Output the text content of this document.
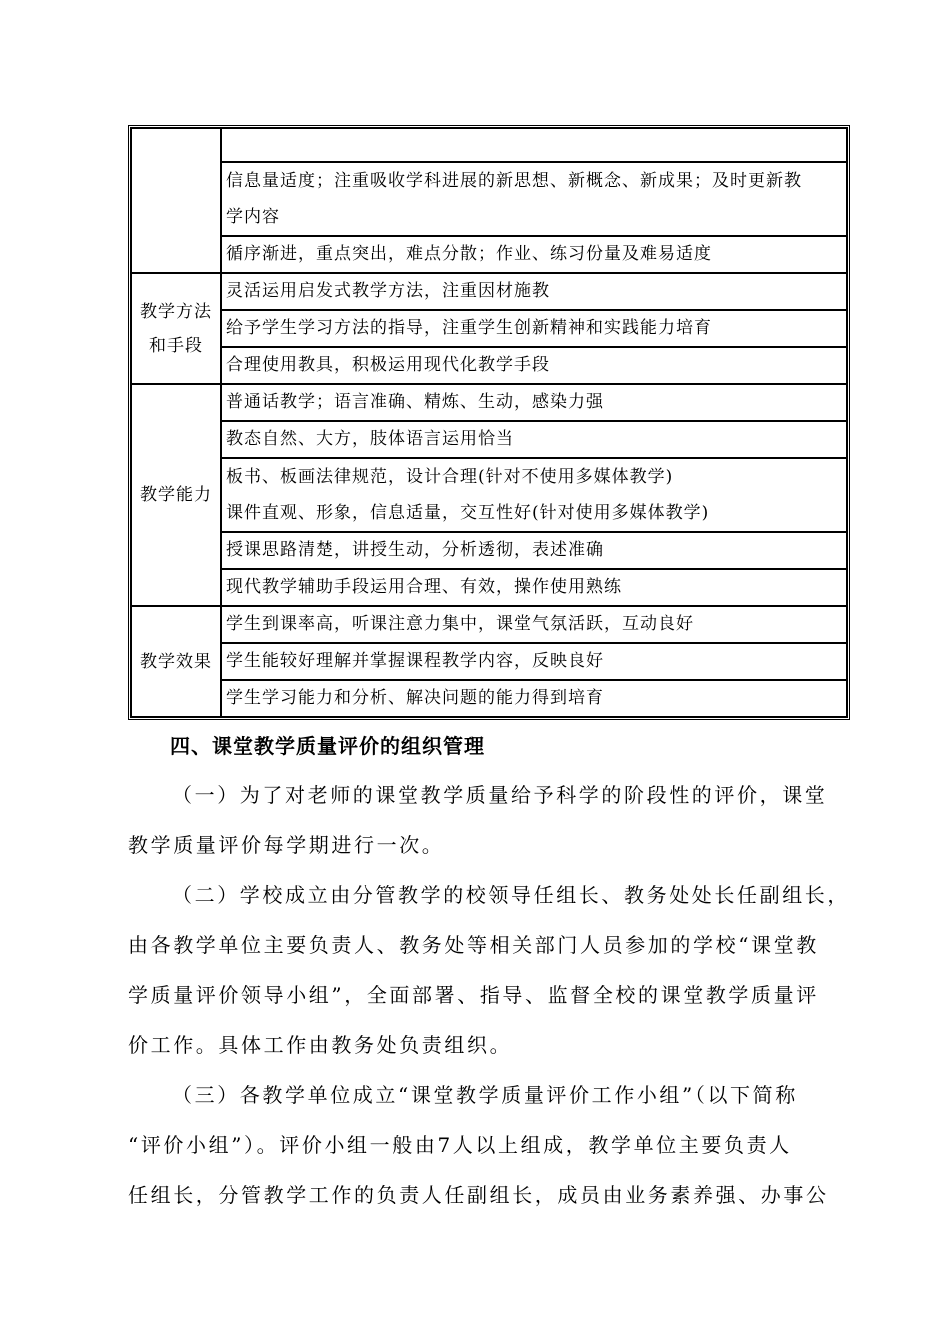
	信息量适度；注重吸收学科进展的新思想、新概念、新成果；及时更新教
学内容

	循序渐进，重点突出，难点分散；作业、练习份量及难易适度

教学方法
和手段	灵活运用启发式教学方法，注重因材施教
	给予学生学习方法的指导，注重学生创新精神和实践能力培育
	合理使用教具，积极运用现代化教学手段
教学能力	普通话教学；语言准确、精炼、生动，感染力强
	教态自然、大方，肢体语言运用恰当

	板书、板画法律规范，设计合理(针对不使用多媒体教学)
课件直观、形象，信息适量，交互性好(针对使用多媒体教学)

	授课思路清楚，讲授生动，分析透彻，表述准确
	现代教学辅助手段运用合理、有效，操作使用熟练
教学效果	学生到课率高，听课注意力集中，课堂气氛活跃，互动良好
	学生能较好理解并掌握课程教学内容，反映良好
	学生学习能力和分析、解决问题的能力得到培育
四、课堂教学质量评价的组织管理
（一）为了对老师的课堂教学质量给予科学的阶段性的评价，课堂
教学质量评价每学期进行一次。
（二）学校成立由分管教学的校领导任组长、教务处处长任副组长，
由各教学单位主要负责人、教务处等相关部门人员参加的学校“课堂教
学质量评价领导小组”，全面部署、指导、监督全校的课堂教学质量评
价工作。具体工作由教务处负责组织。
（三）各教学单位成立“课堂教学质量评价工作小组”（以下简称
“评价小组”）。评价小组一般由7人以上组成，教学单位主要负责人
任组长，分管教学工作的负责人任副组长，成员由业务素养强、办事公
